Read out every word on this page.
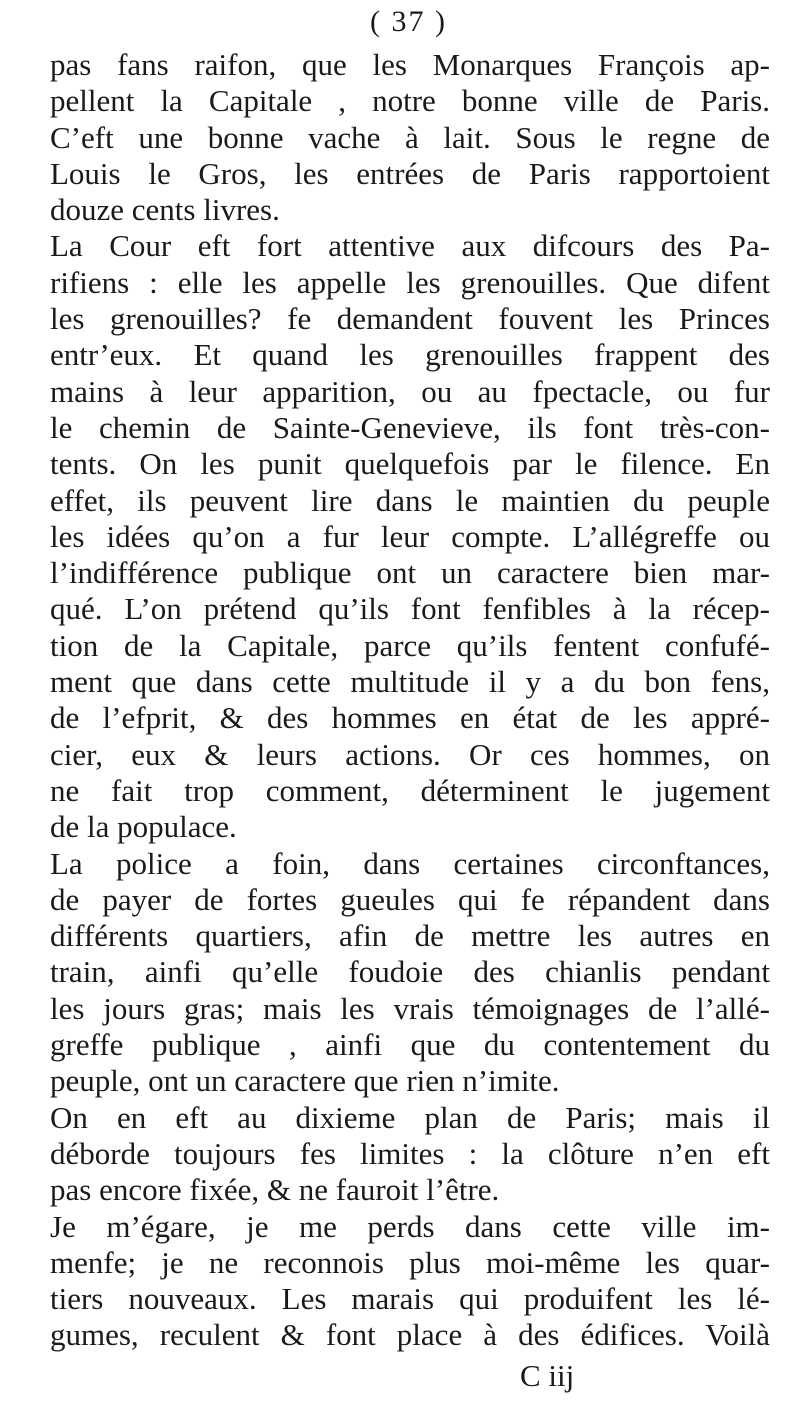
( 37 )
pas fans raifon, que les Monarques François ap-
pellent la Capitale , notre bonne ville de Paris.
C’eft une bonne vache à lait. Sous le regne de
Louis le Gros, les entrées de Paris rapportoient
douze cents livres.
La Cour eft fort attentive aux difcours des Pa-
rifiens : elle les appelle les grenouilles. Que difent
les grenouilles? fe demandent fouvent les Princes
entr’eux. Et quand les grenouilles frappent des
mains à leur apparition, ou au fpectacle, ou fur
le chemin de Sainte-Genevieve, ils font très-con-
tents. On les punit quelquefois par le filence. En
effet, ils peuvent lire dans le maintien du peuple
les idées qu’on a fur leur compte. L’allégreffe ou
l’indifférence publique ont un caractere bien mar-
qué. L’on prétend qu’ils font fenfibles à la récep-
tion de la Capitale, parce qu’ils fentent confufé-
ment que dans cette multitude il y a du bon fens,
de l’efprit, & des hommes en état de les appré-
cier, eux & leurs actions. Or ces hommes, on
ne fait trop comment, déterminent le jugement
de la populace.
La police a foin, dans certaines circonftances,
de payer de fortes gueules qui fe répandent dans
différents quartiers, afin de mettre les autres en
train, ainfi qu’elle foudoie des chianlis pendant
les jours gras; mais les vrais témoignages de l’allé-
greffe publique , ainfi que du contentement du
peuple, ont un caractere que rien n’imite.
On en eft au dixieme plan de Paris; mais il
déborde toujours fes limites : la clôture n’en eft
pas encore fixée, & ne fauroit l’être.
Je m’égare, je me perds dans cette ville im-
menfe; je ne reconnois plus moi-même les quar-
tiers nouveaux. Les marais qui produifent les lé-
gumes, reculent & font place à des édifices. Voilà
C iij
